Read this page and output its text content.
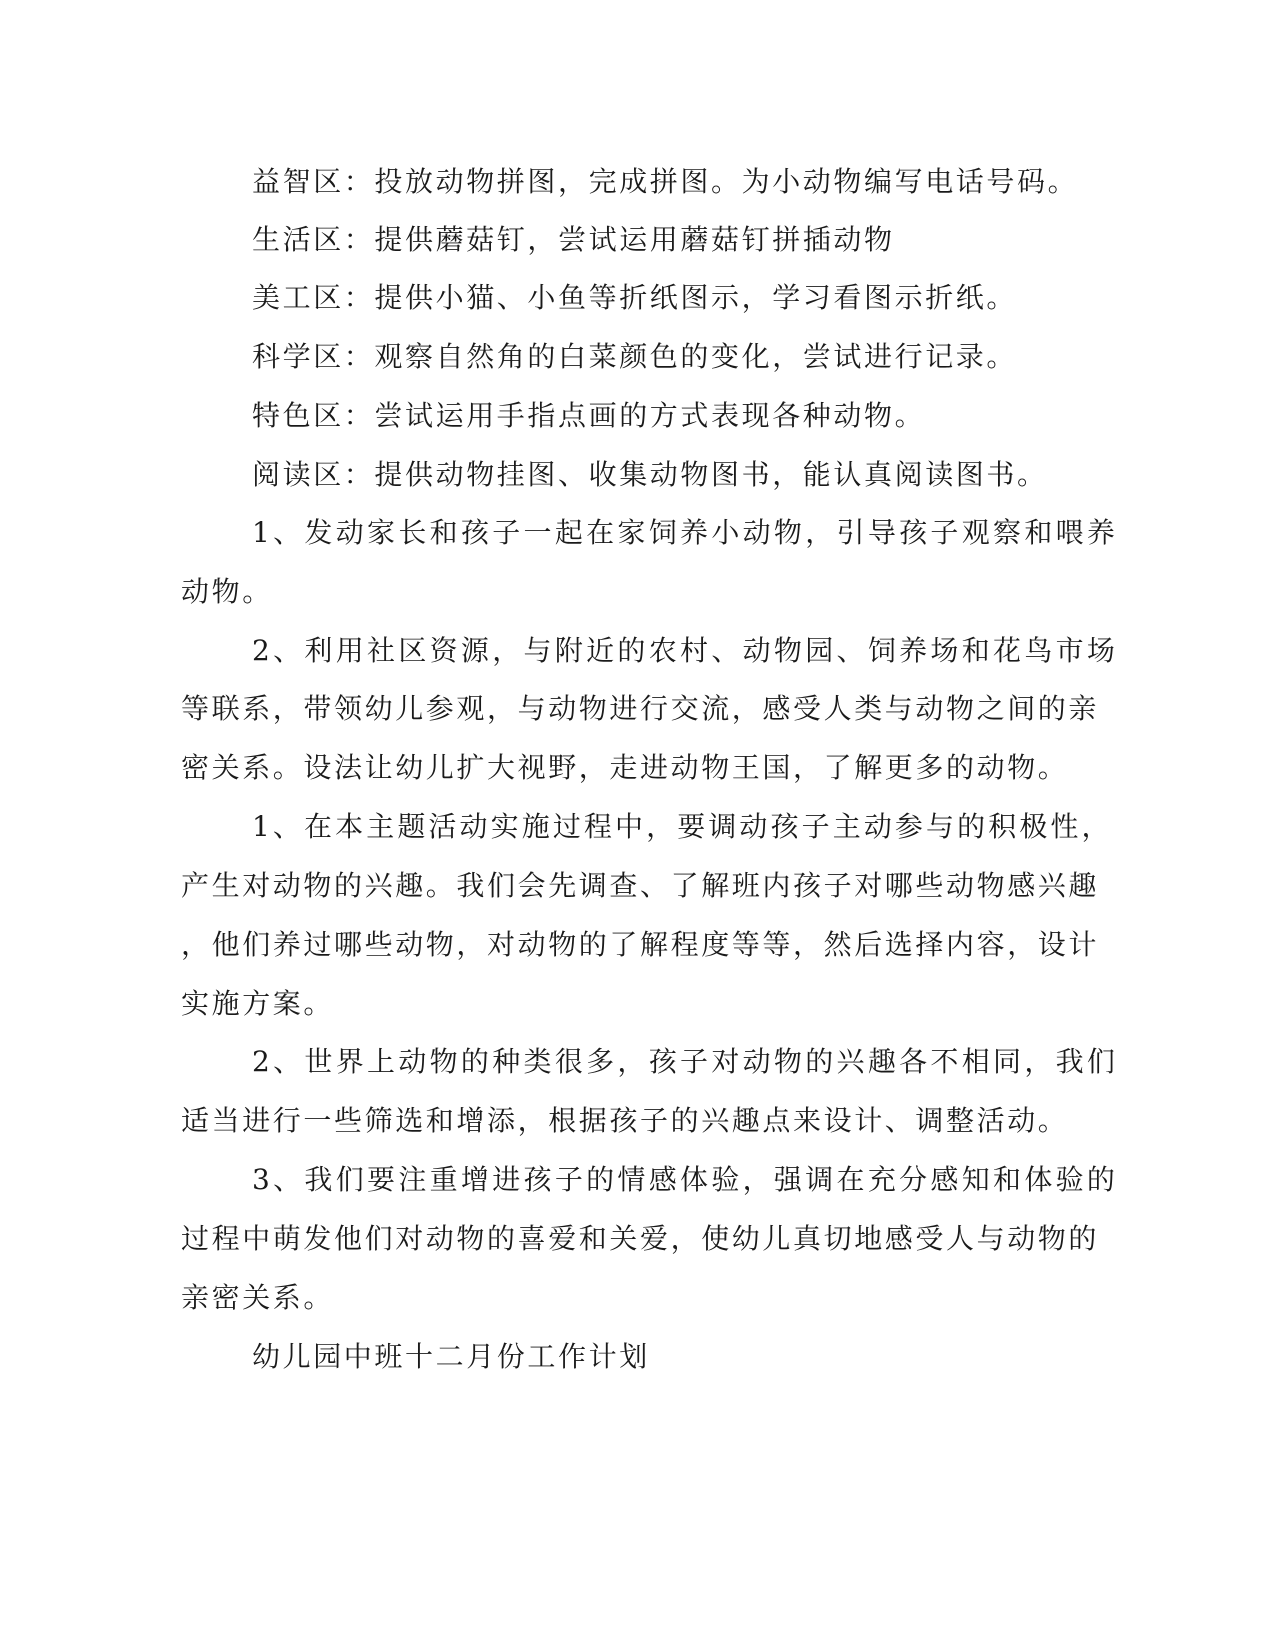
益智区：投放动物拼图，完成拼图。为小动物编写电话号码。

生活区：提供蘑菇钉，尝试运用蘑菇钉拼插动物

美工区：提供小猫、小鱼等折纸图示，学习看图示折纸。

科学区：观察自然角的白菜颜色的变化，尝试进行记录。

特色区：尝试运用手指点画的方式表现各种动物。

阅读区：提供动物挂图、收集动物图书，能认真阅读图书。

1、发动家长和孩子一起在家饲养小动物，引导孩子观察和喂养

动物。

2、利用社区资源，与附近的农村、动物园、饲养场和花鸟市场

等联系，带领幼儿参观，与动物进行交流，感受人类与动物之间的亲

密关系。设法让幼儿扩大视野，走进动物王国，了解更多的动物。

1、在本主题活动实施过程中，要调动孩子主动参与的积极性，

产生对动物的兴趣。我们会先调查、了解班内孩子对哪些动物感兴趣

，他们养过哪些动物，对动物的了解程度等等，然后选择内容，设计

实施方案。

2、世界上动物的种类很多，孩子对动物的兴趣各不相同，我们

适当进行一些筛选和增添，根据孩子的兴趣点来设计、调整活动。

3、我们要注重增进孩子的情感体验，强调在充分感知和体验的

过程中萌发他们对动物的喜爱和关爱，使幼儿真切地感受人与动物的

亲密关系。

幼儿园中班十二月份工作计划
